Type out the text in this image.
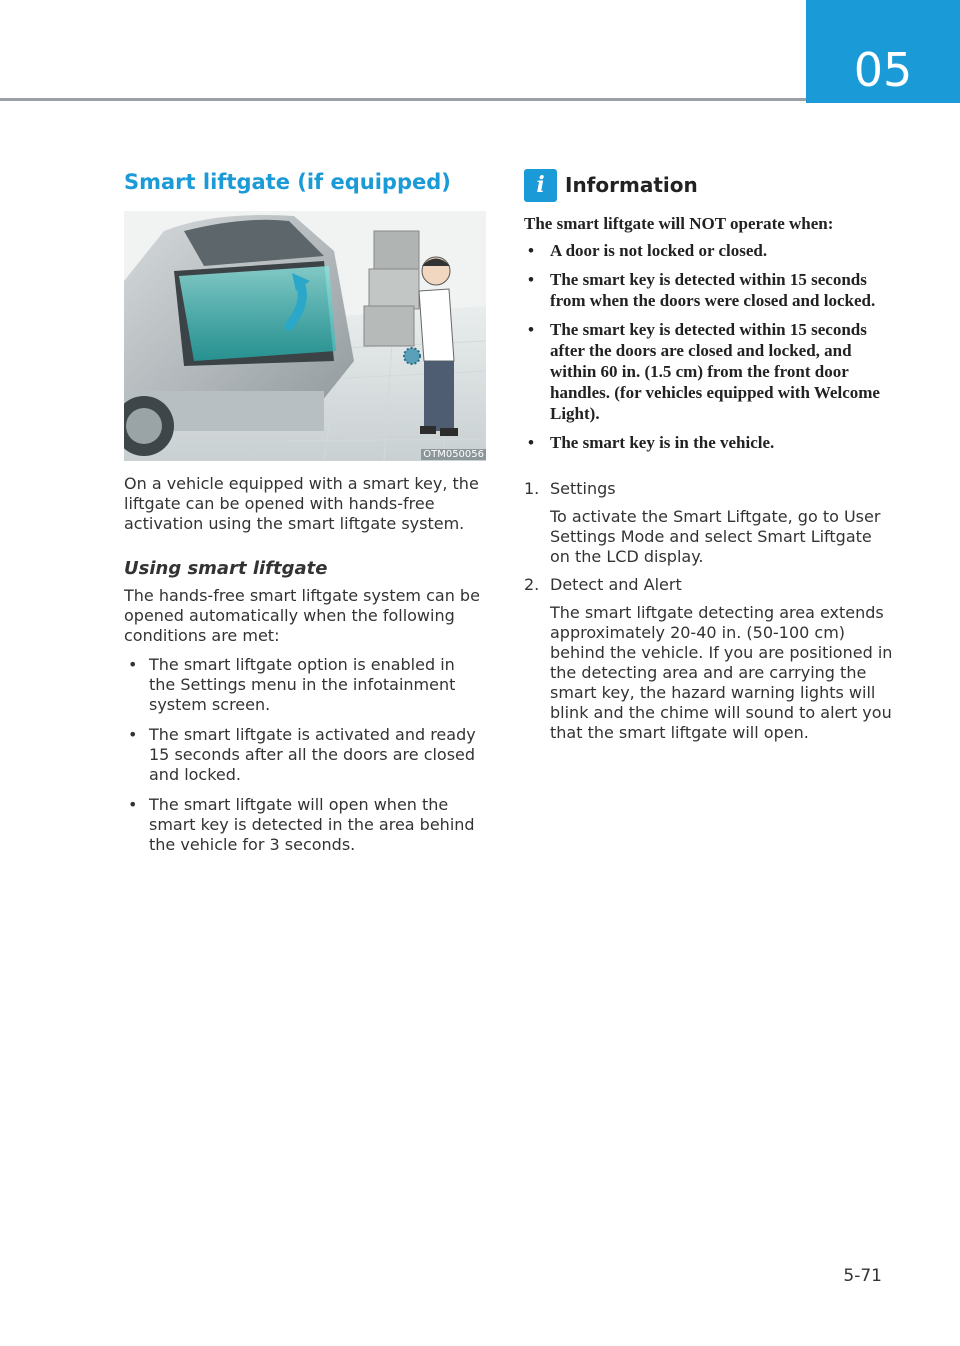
05
Smart liftgate (if equipped)
OTM050056

On a vehicle equipped with a smart key, the liftgate can be opened with hands-free activation using the smart liftgate system.

Using smart liftgate

The hands-free smart liftgate system can be opened automatically when the following conditions are met:

• The smart liftgate option is enabled in the Settings menu in the infotainment system screen.
• The smart liftgate is activated and ready 15 seconds after all the doors are closed and locked.
• The smart liftgate will open when the smart key is detected in the area behind the vehicle for 3 seconds.
i	Information

The smart liftgate will NOT operate when:

• A door is not locked or closed.
• The smart key is detected within 15 seconds from when the doors were closed and locked.
• The smart key is detected within 15 seconds after the doors are closed and locked, and within 60 in. (1.5 cm) from the front door handles. (for vehicles equipped with Welcome Light).
• The smart key is in the vehicle.
1. Settings

To activate the Smart Liftgate, go to User Settings Mode and select Smart Liftgate on the LCD display.

2. Detect and Alert

The smart liftgate detecting area extends approximately 20-40 in. (50-100 cm) behind the vehicle. If you are positioned in the detecting area and are carrying the smart key, the hazard warning lights will blink and the chime will sound to alert you that the smart liftgate will open.

5-71
